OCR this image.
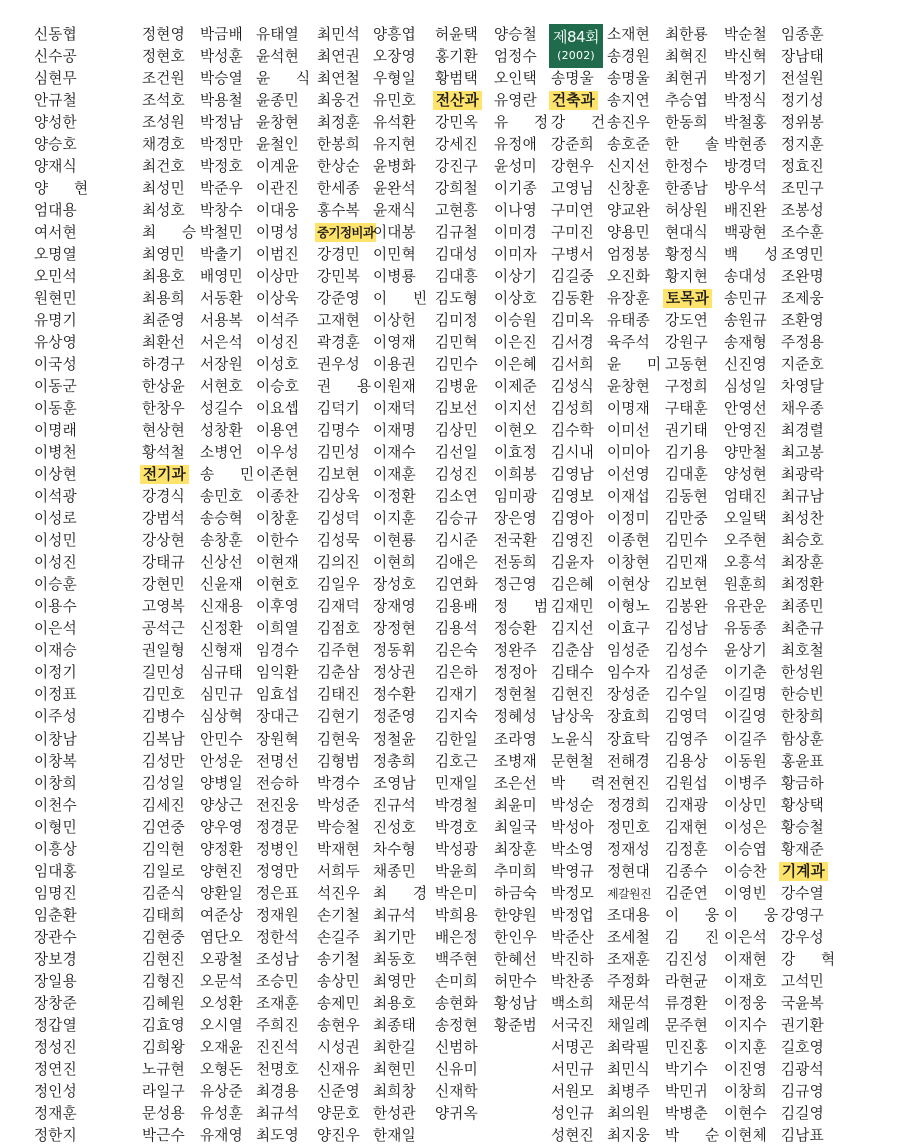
신동협
신수공
심현무
안규철
양성한
양승호
양재식
양 현
엄대용
여서현
오명열
오민석
원현민
유명기
유상영
이국성
이동군
이동훈
이명래
이병천
이상현
이석광
이성로
이성민
이성진
이승훈
이용수
이은석
이재승
이정기
이정표
이주성
이창남
이창복
이창희
이천수
이형민
이흥상
임대홍
임명진
임춘환
장관수
장보경
장일용
장창준
정갑열
정성진
정연진
정인성
정재훈
정한지
정현영
정현호
조건원
조석호
조성원
채경호
최건호
최성민
최성호
최 승
최영민
최용호
최용희
최준영
최환선
하경구
한상윤
한창우
현상현
황석철
전기과
강경식
강범석
강상현
강태규
강현민
고영복
공석근
권일형
길민성
김민호
김병수
김복남
김성만
김성일
김세진
김연중
김익현
김일로
김준식
김태희
김현중
김현진
김형진
김혜원
김효영
김희왕
노규현
라일구
문성용
박근수
박금배
박성훈
박승열
박용철
박정남
박정만
박정호
박준우
박창수
박철민
박출기
배영민
서동환
서용복
서은석
서장원
서현호
성길수
성창환
소병언
송 민
송민호
송승혁
송창훈
신상선
신윤재
신재용
신정환
신형재
심규태
심민규
심상혁
안민수
안성운
양병일
양상근
양우영
양정환
양현진
양환일
여준상
염단오
오광철
오문석
오성환
오시열
오재윤
오형돈
유상준
유성훈
유재영
유태열
윤석현
윤 식
윤종민
윤창현
윤철인
이계윤
이관진
이대웅
이명성
이범진
이상만
이상욱
이석주
이성진
이성호
이승호
이요셉
이용연
이우성
이존현
이종찬
이창훈
이한수
이현재
이현호
이후영
이희열
임경수
임익환
임효섭
장대근
장원혁
전명선
전승하
전진웅
정경문
정병인
정영만
정은표
정재원
정한석
조성남
조승민
조재훈
주희진
진진석
천명호
최경용
최규석
최도영
최민석
최연권
최연철
최웅건
최정훈
한봉희
한상순
한세종
홍수복
중기정비과
강경민
강민복
강준영
고재현
곽경훈
권우성
권 용
김덕기
김명수
김민성
김보현
김상욱
김성덕
김성묵
김의진
김일우
김재덕
김점호
김주현
김춘삼
김태진
김현기
김현욱
김형범
박경수
박성준
박승철
박재현
서희두
석진우
손기철
손길주
송기철
송상민
송제민
송현우
시성권
신재유
신준영
양문호
양진우
양흥엽
오장영
우형일
유민호
유석환
유지현
윤병화
윤완석
윤재식
이대봉
이민혁
이병룡
이 빈
이상헌
이영재
이용권
이원재
이재덕
이재명
이재수
이재훈
이정환
이지훈
이현룡
이현희
장성호
장재영
장정현
정동휘
정상권
정수환
정준영
정철윤
정총희
조영남
진규석
진성호
차수형
채종민
최 경
최규석
최기만
최동호
최영만
최용호
최종태
최한길
최현민
최희창
한성관
한재일
허윤택
홍기환
황범택
전산과
강민옥
강세진
강진구
강희철
고현흥
김규철
김대성
김대흥
김도형
김미정
김민혁
김민수
김병윤
김보선
김상민
김선일
김성진
김소연
김승규
김시준
김애은
김연화
김용배
김용석
김은숙
김은하
김재기
김지숙
김한일
김호근
민재일
박경철
박경호
박성광
박윤희
박은미
박희용
배은정
백주현
손미희
송현화
송정현
신범하
신유미
신재학
양귀옥
양승철
엄정수
오인택
유영란
유 정
유정애
윤성미
이기종
이나영
이미경
이미자
이상기
이상호
이승원
이은진
이은혜
이제준
이지선
이현오
이효정
이희봉
임미광
장은영
전국환
전동희
정근영
정 범
정승환
정완주
정정아
정현철
정혜성
조라영
조병재
조은선
최윤미
최일국
최장훈
추미희
하금숙
한양원
한인우
한혜선
허만수
황성남
황준범
제84회
(2002)
송명울
건축과
강 건
강준희
강현우
고영님
구미연
구미진
구병서
김길중
김동환
김미옥
김서경
김서희
김성식
김성희
김수학
김시내
김영남
김영보
김영아
김영진
김윤자
김은혜
김재민
김지선
김춘삼
김태수
김현진
남상욱
노윤식
문현철
박 력
박성순
박성아
박소영
박영규
박정모
박정업
박준산
박진하
박찬종
백소희
서국진
서명곤
서민규
서원모
성인규
성현진
소재현
송경원
송명울
송지연
송진우
송호준
신지선
신창훈
양교완
양용민
엄정봉
오진화
유장훈
유태종
육주석
윤 미
윤창현
이명재
이미선
이미아
이선영
이재섭
이정미
이종현
이창현
이현상
이형노
이효구
임성준
임수자
장성준
장효희
장효탁
전해경
전현진
정경희
정민호
정재성
정현대
제갈원진
조대용
조세철
조재훈
주정화
채문석
채일례
최락필
최민식
최병주
최의원
최지웅
최한룡
최혁진
최현귀
추승엽
한동희
한 솔
한정수
한종남
허상원
현대식
황정식
황지현
토목과
강도연
강원구
고동현
구정희
구태훈
권기태
김기용
김대훈
김동현
김만중
김민수
김민재
김보현
김봉완
김성남
김성수
김성준
김수일
김영덕
김영주
김용상
김원섭
김재광
김재현
김정훈
김종수
김준연
이 웅
김 진
김진성
라현균
류경환
문주현
민진홍
박기수
박민귀
박병춘
박 순
박순철
박신혁
박정기
박정식
박철홍
박현종
방경덕
방우석
배진완
백광현
백 성
송대성
송민규
송원규
송재형
신진영
심성일
안영선
안영진
양만철
양성현
엄태진
오일택
오주현
오흥석
원훈희
유관운
유동종
윤상기
이기춘
이길명
이길영
이길주
이동원
이병주
이상민
이성은
이승엽
이승찬
이영빈
이 웅
이은석
이재현
이재호
이정웅
이지수
이지훈
이진영
이창희
이현수
이현체
임종훈
장남태
전설원
정기성
정위봉
정지훈
정효진
조민구
조봉성
조수훈
조영민
조완명
조제웅
조환영
주정용
지준호
차영달
채우종
최경렬
최고봉
최광락
최규남
최성찬
최승호
최장훈
최정환
최종민
최춘규
최호철
한성원
한승빈
한창희
함상훈
홍윤표
황금하
황상택
황승철
황재준
기계과
강수열
강영구
강우성
강 혁
고석민
국윤복
권기환
길호영
김광석
김규영
김길영
김남표
